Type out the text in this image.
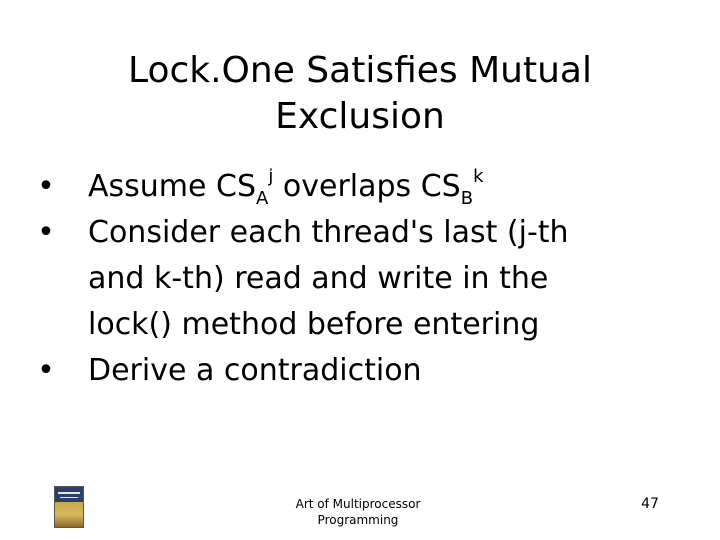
Lock.One Satisfies Mutual
Exclusion
•	Assume $CS_A^j$ overlaps $CS_B^k$
•	Consider each thread's last (j-th
and k-th) read and write in the
lock() method before entering
•	Derive a contradiction
Art of Multiprocessor
Programming
47
